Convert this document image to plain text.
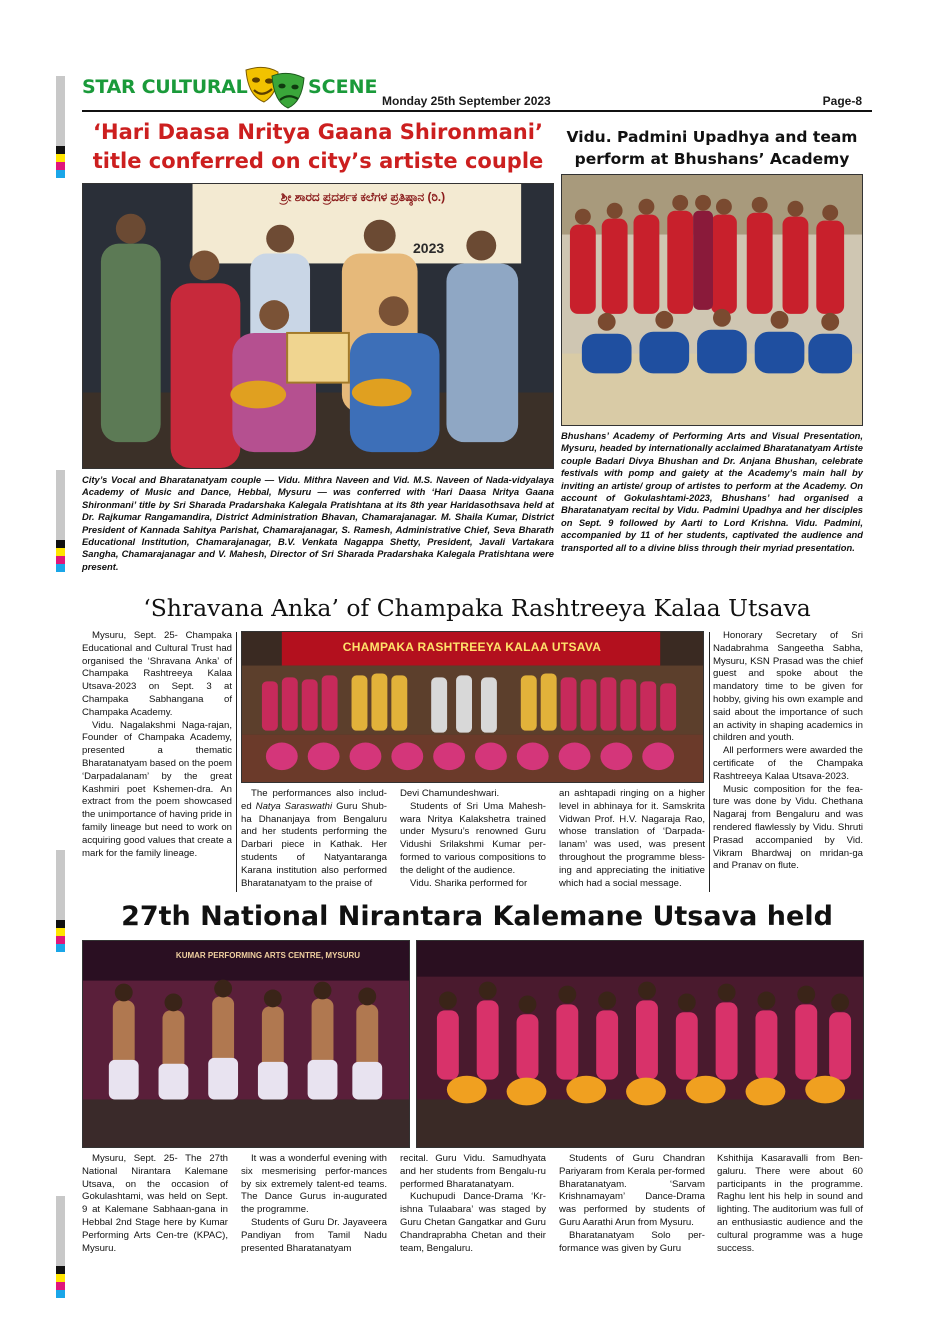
STAR CULTURAL	SCENE
Monday 25th September 2023	Page-8
‘Hari Daasa Nritya Gaana Shironmani’
title conferred on city’s artiste couple
ಶ್ರೀ ಶಾರದ ಪ್ರದರ್ಶಕ ಕಲೆಗಳ ಪ್ರತಿಷ್ಠಾನ (ರಿ.)
2023
City’s Vocal and Bharatanatyam couple — Vidu. Mithra Naveen and Vid. M.S. Naveen of Nada-vidyalaya Academy of Music and Dance, Hebbal, Mysuru — was conferred with ‘Hari Daasa Nritya Gaana Shironmani’ title by Sri Sharada Pradarshaka Kalegala Pratishtana at its 8th year Haridasothsava held at Dr. Rajkumar Rangamandira, District Administration Bhavan, Chamarajanagar. M. Shaila Kumar, District President of Kannada Sahitya Parishat, Chamarajanagar, S. Ramesh, Administrative Chief, Seva Bharath Educational Institution, Chamarajanagar, B.V. Venkata Nagappa Shetty, President, Javali Vartakara Sangha, Chamarajanagar and V. Mahesh, Director of Sri Sharada Pradarshaka Kalegala Pratishtana were present.
Vidu. Padmini Upadhya and team
perform at Bhushans’ Academy
Bhushans’ Academy of Performing Arts and Visual Presentation, Mysuru, headed by internationally acclaimed Bharatanatyam Artiste couple Badari Divya Bhushan and Dr. Anjana Bhushan, celebrate festivals with pomp and gaiety at the Academy’s main hall by inviting an artiste/ group of artistes to perform at the Academy. On account of Gokulashtami-2023, Bhushans’ had organised a Bharatanatyam recital by Vidu. Padmini Upadhya and her disciples on Sept. 9 followed by Aarti to Lord Krishna. Vidu. Padmini, accompanied by 11 of her students, captivated the audience and transported all to a divine bliss through their myriad presentation.
‘Shravana Anka’ of Champaka Rashtreeya Kalaa Utsava

Mysuru, Sept. 25- Champaka Educational and Cultural Trust had organised the ‘Shravana Anka’ of Champaka Rashtreeya Kalaa Utsava-2023 on Sept. 3 at Champaka Sabhangana of Champaka Academy.

Vidu. Nagalakshmi Naga-rajan, Founder of Champaka Academy, presented a thematic Bharatanatyam based on the poem ‘Darpadalanam’ by the great Kashmiri poet Kshemen-dra. An extract from the poem showcased the unimportance of having pride in family lineage but need to work on acquiring good values that create a mark for the family lineage.

CHAMPAKA RASHTREEYA KALAA UTSAVA

The performances also includ-ed Natya Saraswathi Guru Shub-ha Dhananjaya from Bengaluru and her students performing the Darbari piece in Kathak. Her students of Natyantaranga Karana institution also performed Bharatanatyam to the praise of

Devi Chamundeshwari.

Students of Sri Uma Mahesh-wara Nritya Kalakshetra trained under Mysuru’s renowned Guru Vidushi Srilakshmi Kumar per-formed to various compositions to the delight of the audience.

Vidu. Sharika performed for

an ashtapadi ringing on a higher level in abhinaya for it. Samskrita Vidwan Prof. H.V. Nagaraja Rao, whose translation of ‘Darpada-lanam’ was used, was present throughout the programme bless-ing and appreciating the initiative which had a social message.

Honorary Secretary of Sri Nadabrahma Sangeetha Sabha, Mysuru, KSN Prasad was the chief guest and spoke about the mandatory time to be given for hobby, giving his own example and said about the importance of such an activity in shaping academics in children and youth.

All performers were awarded the certificate of the Champaka Rashtreeya Kalaa Utsava-2023.

Music composition for the fea-ture was done by Vidu. Chethana Nagaraj from Bengaluru and was rendered flawlessly by Vidu. Shruti Prasad accompanied by Vid. Vikram Bhardwaj on mridan-ga and Pranav on flute.

27th National Nirantara Kalemane Utsava held
KUMAR PERFORMING ARTS CENTRE, MYSURU

Mysuru, Sept. 25- The 27th National Nirantara Kalemane Utsava, on the occasion of Gokulashtami, was held on Sept. 9 at Kalemane Sabhaan-gana in Hebbal 2nd Stage here by Kumar Performing Arts Cen-tre (KPAC), Mysuru.

It was a wonderful evening with six mesmerising perfor-mances by six extremely talent-ed teams. The Dance Gurus in-augurated the programme.

Students of Guru Dr. Jayaveera Pandiyan from Tamil Nadu presented Bharatanatyam

recital. Guru Vidu. Samudhyata and her students from Bengalu-ru performed Bharatanatyam.

Kuchupudi Dance-Drama ‘Kr-ishna Tulaabara’ was staged by Guru Chetan Gangatkar and Guru Chandraprabha Chetan and their team, Bengaluru.

Students of Guru Chandran Pariyaram from Kerala per-formed Bharatanatyam. ‘Sarvam Krishnamayam’ Dance-Drama was performed by students of Guru Aarathi Arun from Mysuru.

Bharatanatyam Solo per-formance was given by Guru

Kshithija Kasaravalli from Ben-galuru. There were about 60 participants in the programme. Raghu lent his help in sound and lighting. The auditorium was full of an enthusiastic audience and the cultural programme was a huge success.
